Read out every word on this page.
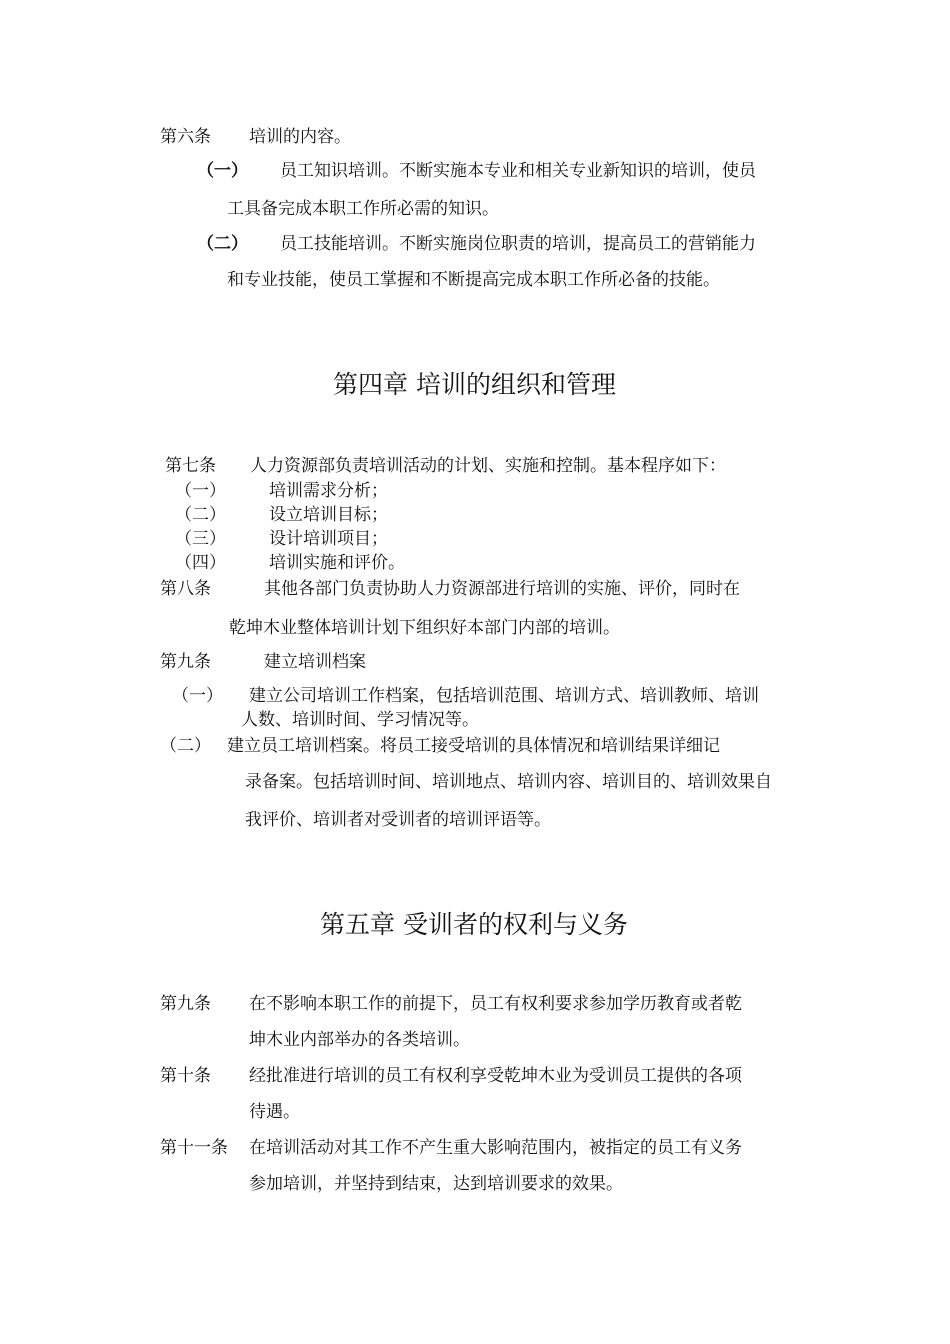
第六条 培训的内容。
（一） 员工知识培训。不断实施本专业和相关专业新知识的培训，使员
工具备完成本职工作所必需的知识。
（二） 员工技能培训。不断实施岗位职责的培训，提高员工的营销能力
和专业技能，使员工掌握和不断提高完成本职工作所必备的技能。
第四章 培训的组织和管理
第七条 人力资源部负责培训活动的计划、实施和控制。基本程序如下：
（一）	培训需求分析；
（二）	设立培训目标；
（三）	设计培训项目；
（四）	培训实施和评价。
第八条	其他各部门负责协助人力资源部进行培训的实施、评价，同时在
乾坤木业整体培训计划下组织好本部门内部的培训。
第九条	建立培训档案
（一） 建立公司培训工作档案，包括培训范围、培训方式、培训教师、培训
人数、培训时间、学习情况等。
（二） 建立员工培训档案。将员工接受培训的具体情况和培训结果详细记
录备案。包括培训时间、培训地点、培训内容、培训目的、培训效果自
我评价、培训者对受训者的培训评语等。
第五章 受训者的权利与义务
第九条 在不影响本职工作的前提下，员工有权利要求参加学历教育或者乾
坤木业内部举办的各类培训。
第十条 经批准进行培训的员工有权利享受乾坤木业为受训员工提供的各项
待遇。
第十一条 在培训活动对其工作不产生重大影响范围内，被指定的员工有义务
参加培训，并坚持到结束，达到培训要求的效果。
